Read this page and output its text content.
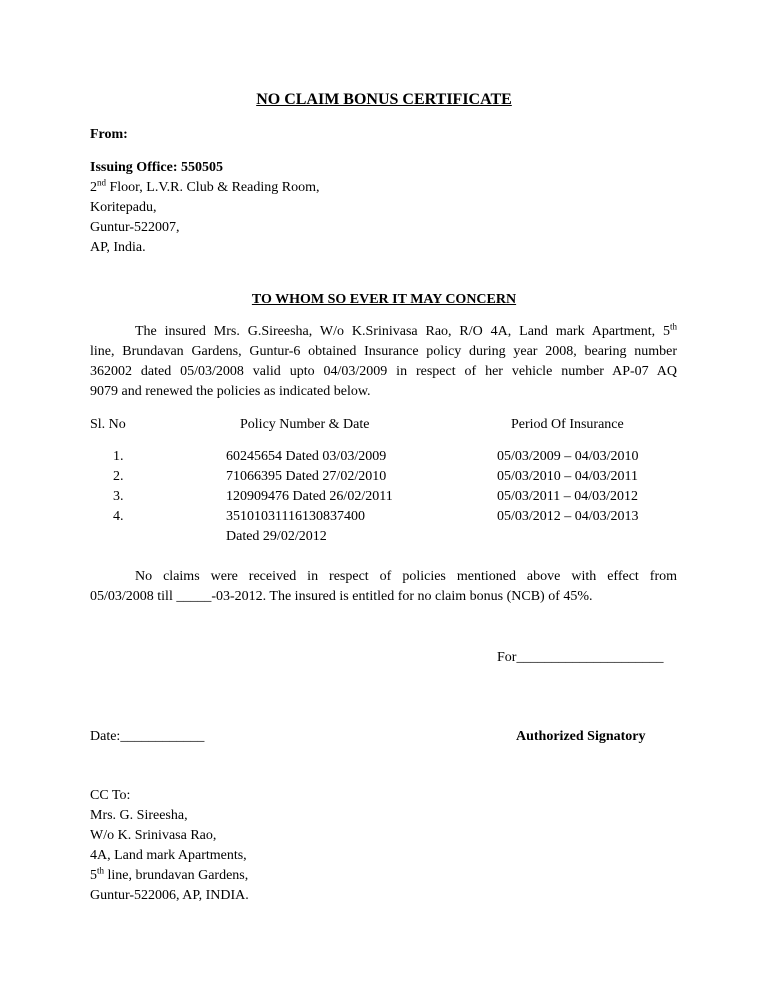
NO CLAIM BONUS CERTIFICATE
From:
Issuing Office: 550505
2nd Floor, L.V.R. Club & Reading Room,
Koritepadu,
Guntur-522007,
AP, India.
TO WHOM SO EVER IT MAY CONCERN
The insured Mrs. G.Sireesha, W/o K.Srinivasa Rao, R/O 4A, Land mark Apartment, 5th
line, Brundavan Gardens, Guntur-6 obtained Insurance policy during year 2008, bearing number
362002 dated 05/03/2008 valid upto 04/03/2009 in respect of her vehicle number AP-07 AQ
9079 and renewed the policies as indicated below.
Sl. No	Policy Number & Date	Period Of Insurance
1.	60245654 Dated 03/03/2009	05/03/2009 – 04/03/2010
2.	71066395 Dated 27/02/2010	05/03/2010 – 04/03/2011
3.	120909476 Dated 26/02/2011	05/03/2011 – 04/03/2012
4.	35101031116130837400	05/03/2012 – 04/03/2013
Dated 29/02/2012
No claims were received in respect of policies mentioned above with effect from
05/03/2008 till _____-03-2012. The insured is entitled for no claim bonus (NCB) of 45%.
For_____________________
Date:____________	Authorized Signatory
CC To:
Mrs. G. Sireesha,
W/o K. Srinivasa Rao,
4A, Land mark Apartments,
5th line, brundavan Gardens,
Guntur-522006, AP, INDIA.
